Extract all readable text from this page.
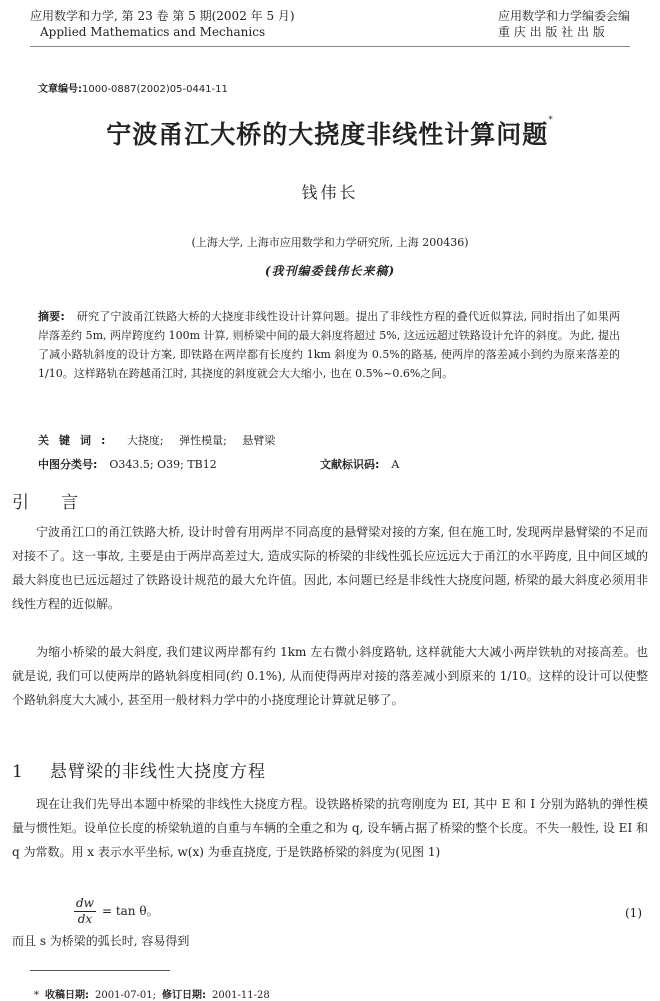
应用数学和力学, 第 23 卷 第 5 期(2002 年 5 月)
Applied Mathematics and Mechanics
应用数学和力学编委会编
重 庆 出 版 社 出 版
文章编号:1000-0887(2002)05-0441-11
宁波甬江大桥的大挠度非线性计算问题*
钱伟长
(上海大学, 上海市应用数学和力学研究所, 上海 200436)
(我刊编委钱伟长来稿)
摘要: 研究了宁波甬江铁路大桥的大挠度非线性设计计算问题。提出了非线性方程的叠代近似算法, 同时指出了如果两岸落差约 5m, 两岸跨度约 100m 计算, 则桥梁中间的最大斜度将超过 5%, 这远远超过铁路设计允许的斜度。为此, 提出了减小路轨斜度的设计方案, 即铁路在两岸都有长度约 1km 斜度为 0.5%的路基, 使两岸的落差减小到约为原来落差的 1/10。这样路轨在跨越甬江时, 其挠度的斜度就会大大缩小, 也在 0.5%~0.6%之间。
关键词: 大挠度; 弹性模量; 悬臂梁
中图分类号: O343.5; O39; TB12	文献标识码: A
引 言

宁波甬江口的甬江铁路大桥, 设计时曾有用两岸不同高度的悬臂梁对接的方案, 但在施工时, 发现两岸悬臂梁的不足而对接不了。这一事故, 主要是由于两岸高差过大, 造成实际的桥梁的非线性弧长应远远大于甬江的水平跨度, 且中间区域的最大斜度也已远远超过了铁路设计规范的最大允许值。因此, 本问题已经是非线性大挠度问题, 桥梁的最大斜度必须用非线性方程的近似解。

为缩小桥梁的最大斜度, 我们建议两岸都有约 1km 左右微小斜度路轨, 这样就能大大减小两岸铁轨的对接高差。也就是说, 我们可以使两岸的路轨斜度相同(约 0.1%), 从而使得两岸对接的落差减小到原来的 1/10。这样的设计可以使整个路轨斜度大大减小, 甚至用一般材料力学中的小挠度理论计算就足够了。

1 悬臂梁的非线性大挠度方程

现在让我们先导出本题中桥梁的非线性大挠度方程。设铁路桥梁的抗弯刚度为 EI, 其中 E 和 I 分别为路轨的弹性模量与惯性矩。设单位长度的桥梁轨道的自重与车辆的全重之和为 q, 设车辆占据了桥梁的整个长度。不失一般性, 设 EI 和 q 为常数。用 x 表示水平坐标, w(x) 为垂直挠度, 于是铁路桥梁的斜度为(见图 1)

$\frac{dw}{dx} = \tan \theta$。	(1)
而且 s 为桥梁的弧长时, 容易得到
* 收稿日期: 2001-07-01; 修订日期: 2001-11-28
